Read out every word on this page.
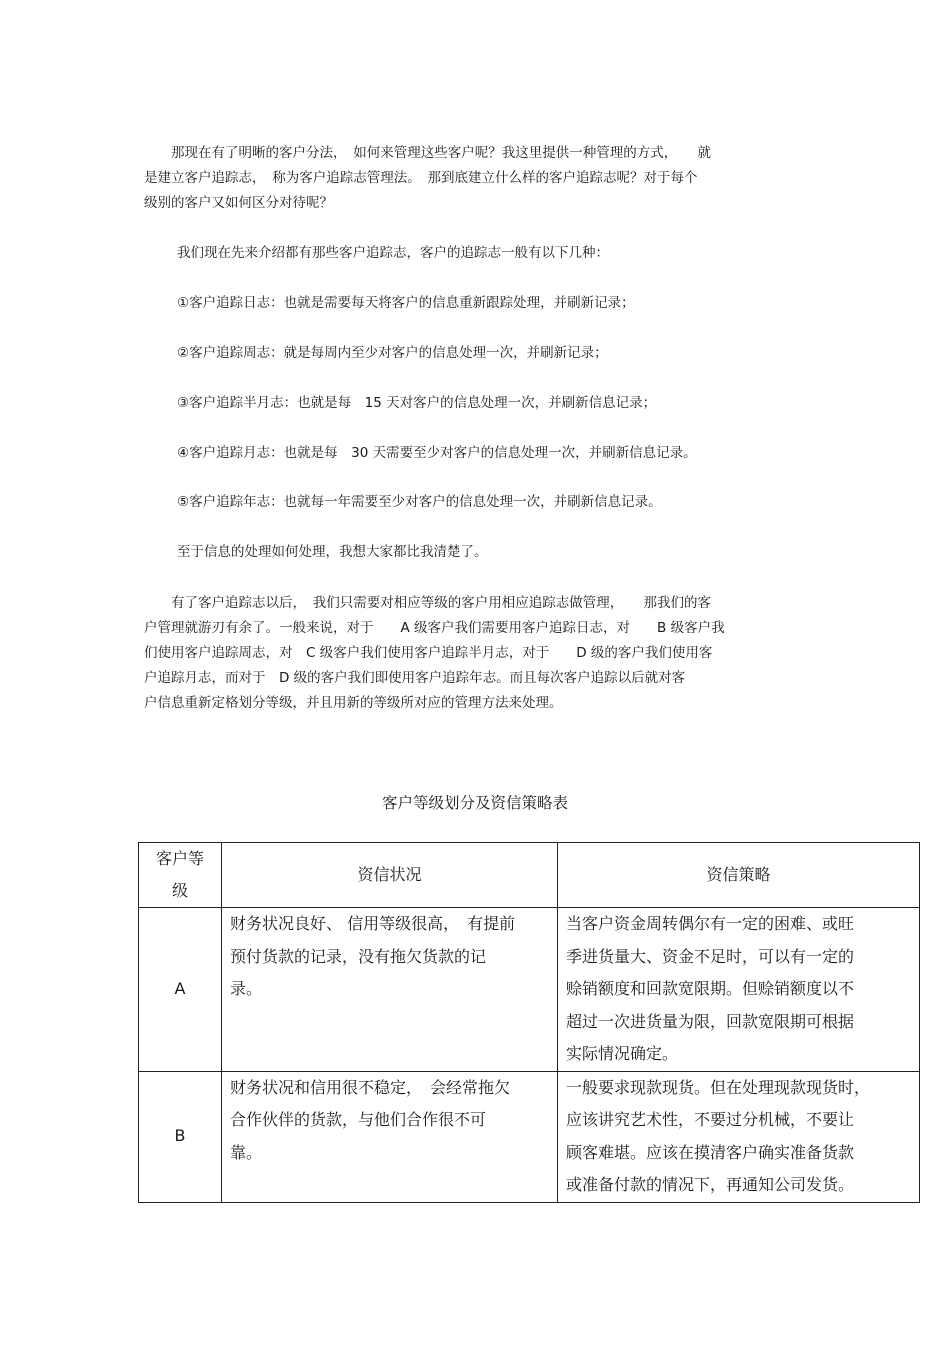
　　那现在有了明晰的客户分法，　如何来管理这些客户呢？我这里提供一种管理的方式，　　就
是建立客户追踪志，　称为客户追踪志管理法。　那到底建立什么样的客户追踪志呢？对于每个
级别的客户又如何区分对待呢？

我们现在先来介绍都有那些客户追踪志，客户的追踪志一般有以下几种：

①客户追踪日志：也就是需要每天将客户的信息重新跟踪处理，并刷新记录；

②客户追踪周志：就是每周内至少对客户的信息处理一次，并刷新记录；

③客户追踪半月志：也就是每　15 天对客户的信息处理一次，并刷新信息记录；

④客户追踪月志：也就是每　30 天需要至少对客户的信息处理一次，并刷新信息记录。

⑤客户追踪年志：也就每一年需要至少对客户的信息处理一次，并刷新信息记录。

至于信息的处理如何处理，我想大家都比我清楚了。

　　有了客户追踪志以后，　我们只需要对相应等级的客户用相应追踪志做管理，　　那我们的客
户管理就游刃有余了。一般来说，对于　　A 级客户我们需要用客户追踪日志，对　　B 级客户我
们使用客户追踪周志，对　C 级客户我们使用客户追踪半月志，对于　　D 级的客户我们使用客
户追踪月志，而对于　D 级的客户我们即使用客户追踪年志。而且每次客户追踪以后就对客
户信息重新定格划分等级，并且用新的等级所对应的管理方法来处理。

客户等级划分及资信策略表

客户等
级	资信状况	资信策略
A	财务状况良好、 信用等级很高，　有提前
预付货款的记录，没有拖欠货款的记
录。	当客户资金周转偶尔有一定的困难、或旺
季进货量大、资金不足时，可以有一定的
赊销额度和回款宽限期。但赊销额度以不
超过一次进货量为限，回款宽限期可根据
实际情况确定。

B	财务状况和信用很不稳定，　会经常拖欠
合作伙伴的货款，与他们合作很不可
靠。	一般要求现款现货。但在处理现款现货时，
应该讲究艺术性，不要过分机械，不要让
顾客难堪。应该在摸清客户确实准备货款
或准备付款的情况下，再通知公司发货。
